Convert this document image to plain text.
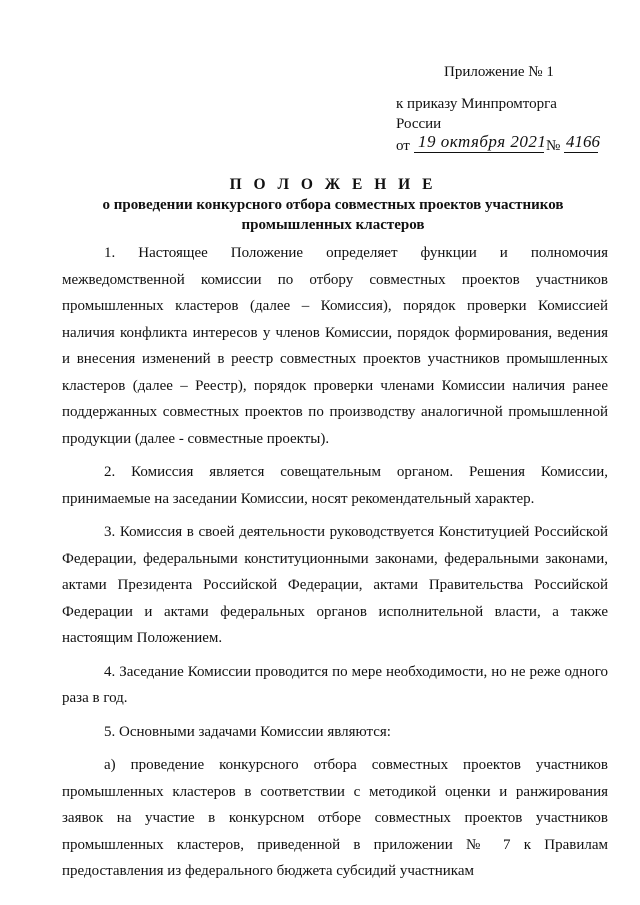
Приложение № 1
к приказу Минпромторга России
от 19 октября 2021 № 4166
П О Л О Ж Е Н И Е
о проведении конкурсного отбора совместных проектов участников промышленных кластеров

1. Настоящее Положение определяет функции и полномочия межведомственной комиссии по отбору совместных проектов участников промышленных кластеров (далее – Комиссия), порядок проверки Комиссией наличия конфликта интересов у членов Комиссии, порядок формирования, ведения и внесения изменений в реестр совместных проектов участников промышленных кластеров (далее – Реестр), порядок проверки членами Комиссии наличия ранее поддержанных совместных проектов по производству аналогичной промышленной продукции (далее - совместные проекты).

2. Комиссия является совещательным органом. Решения Комиссии, принимаемые на заседании Комиссии, носят рекомендательный характер.

3. Комиссия в своей деятельности руководствуется Конституцией Российской Федерации, федеральными конституционными законами, федеральными законами, актами Президента Российской Федерации, актами Правительства Российской Федерации и актами федеральных органов исполнительной власти, а также настоящим Положением.

4. Заседание Комиссии проводится по мере необходимости, но не реже одного раза в год.

5. Основными задачами Комиссии являются:

а) проведение конкурсного отбора совместных проектов участников промышленных кластеров в соответствии с методикой оценки и ранжирования заявок на участие в конкурсном отборе совместных проектов участников промышленных кластеров, приведенной в приложении № 7 к Правилам предоставления из федерального бюджета субсидий участникам
